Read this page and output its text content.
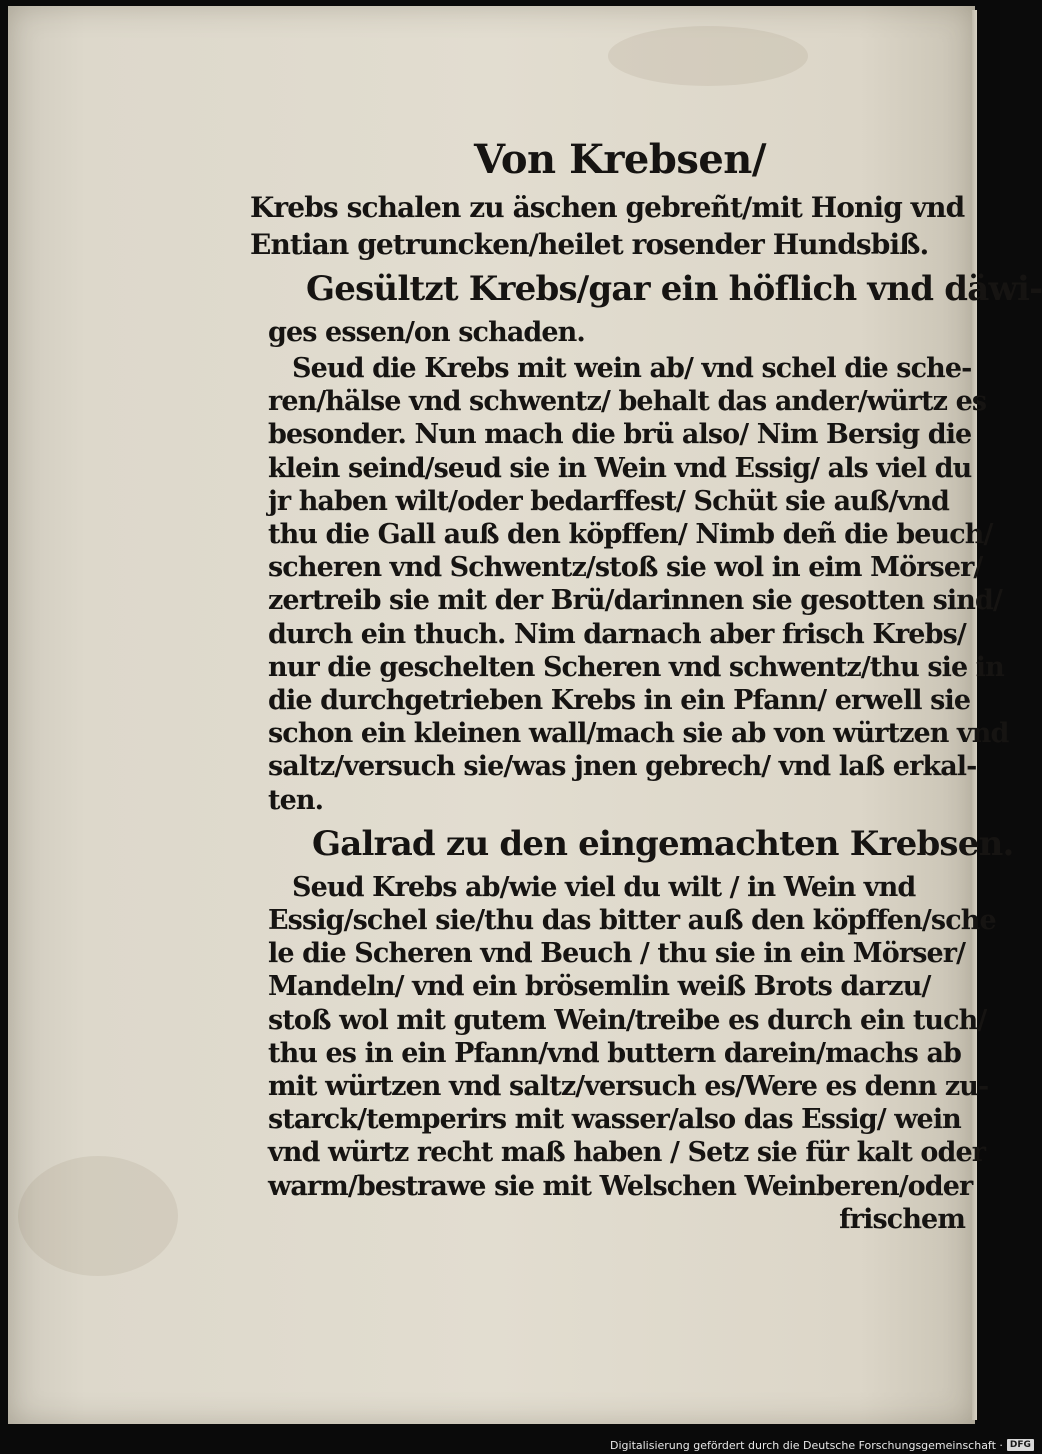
Von Krebsen/
Krebs schalen zu äschen gebreñt/mit Honig vnd
Entian getruncken/heilet rosender Hundsbiß.
Gesültzt Krebs/gar ein höflich vnd däwi-
ges essen/on schaden.
Seud die Krebs mit wein ab/ vnd schel die sche-
ren/hälse vnd schwentz/ behalt das ander/würtz es
besonder. Nun mach die brü also/ Nim Bersig die
klein seind/seud sie in Wein vnd Essig/ als viel du
jr haben wilt/oder bedarffest/ Schüt sie auß/vnd
thu die Gall auß den köpffen/ Nimb deñ die beuch/
scheren vnd Schwentz/stoß sie wol in eim Mörser/
zertreib sie mit der Brü/darinnen sie gesotten sind/
durch ein thuch. Nim darnach aber frisch Krebs/
nur die geschelten Scheren vnd schwentz/thu sie in
die durchgetrieben Krebs in ein Pfann/ erwell sie
schon ein kleinen wall/mach sie ab von würtzen vnd
saltz/versuch sie/was jnen gebrech/ vnd laß erkal-
ten.
Galrad zu den eingemachten Krebsen.
Seud Krebs ab/wie viel du wilt / in Wein vnd
Essig/schel sie/thu das bitter auß den köpffen/sche
le die Scheren vnd Beuch / thu sie in ein Mörser/
Mandeln/ vnd ein brösemlin weiß Brots darzu/
stoß wol mit gutem Wein/treibe es durch ein tuch/
thu es in ein Pfann/vnd buttern darein/machs ab
mit würtzen vnd saltz/versuch es/Were es denn zu-
starck/temperirs mit wasser/also das Essig/ wein
vnd würtz recht maß haben / Setz sie für kalt oder
warm/bestrawe sie mit Welschen Weinberen/oder
frischem
Digitalisierung gefördert durch die Deutsche Forschungsgemeinschaft · DFG
